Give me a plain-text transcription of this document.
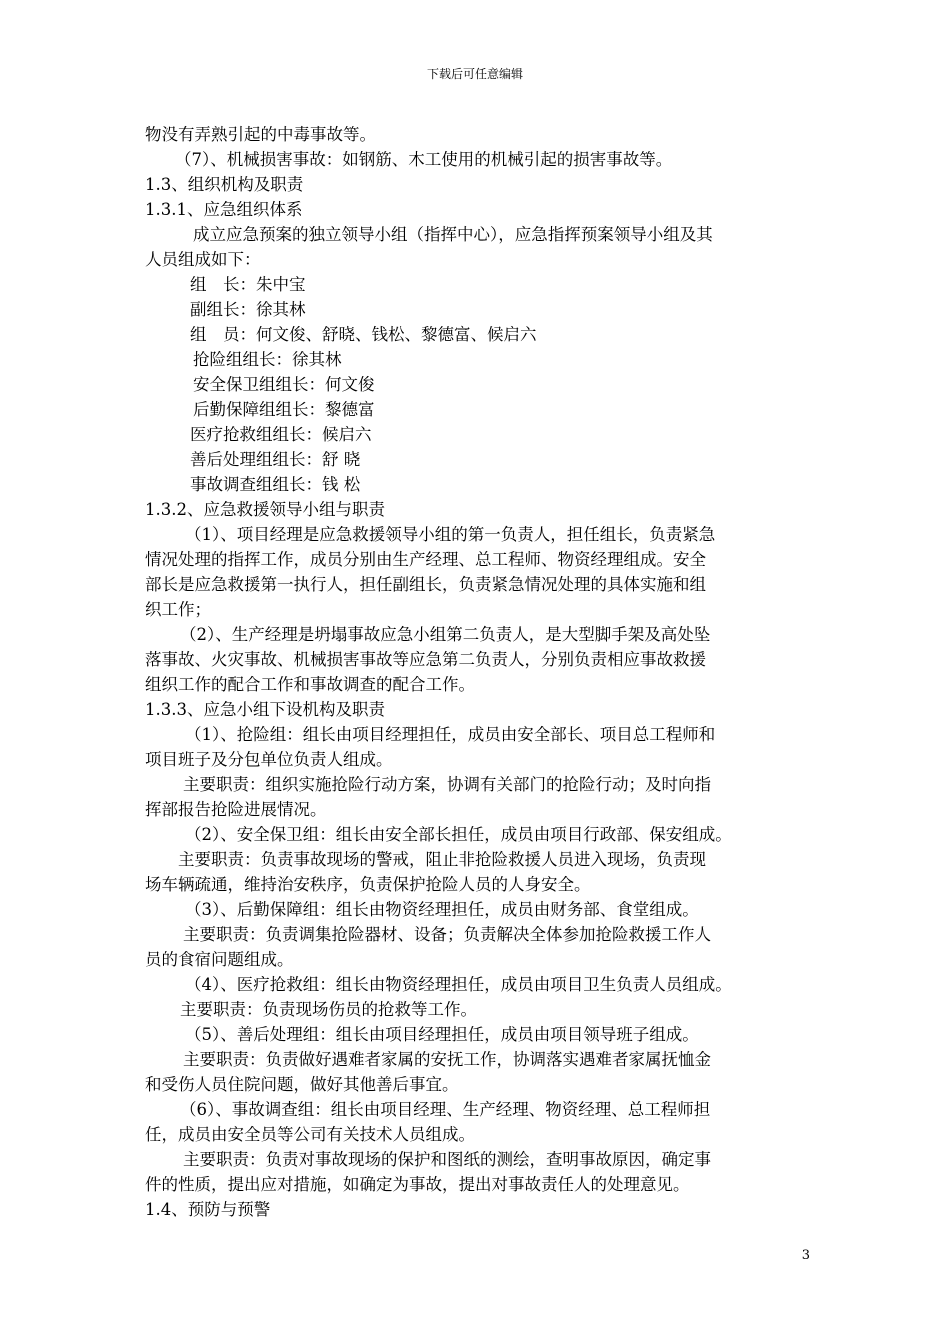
下载后可任意编辑
物没有弄熟引起的中毒事故等。
（7）、机械损害事故：如钢筋、木工使用的机械引起的损害事故等。
1.3、组织机构及职责
1.3.1、应急组织体系
成立应急预案的独立领导小组（指挥中心），应急指挥预案领导小组及其
人员组成如下：
组　长：朱中宝
副组长：徐其林
组　员：何文俊、舒晓、钱松、黎德富、候启六
抢险组组长：徐其林
安全保卫组组长：何文俊
后勤保障组组长：黎德富
医疗抢救组组长：候启六
善后处理组组长：舒 晓
事故调查组组长：钱 松
1.3.2、应急救援领导小组与职责
（1）、项目经理是应急救援领导小组的第一负责人，担任组长，负责紧急
情况处理的指挥工作，成员分别由生产经理、总工程师、物资经理组成。安全
部长是应急救援第一执行人，担任副组长，负责紧急情况处理的具体实施和组
织工作；
（2）、生产经理是坍塌事故应急小组第二负责人，是大型脚手架及高处坠
落事故、火灾事故、机械损害事故等应急第二负责人，分别负责相应事故救援
组织工作的配合工作和事故调查的配合工作。
1.3.3、应急小组下设机构及职责
（1）、抢险组：组长由项目经理担任，成员由安全部长、项目总工程师和
项目班子及分包单位负责人组成。
主要职责：组织实施抢险行动方案，协调有关部门的抢险行动；及时向指
挥部报告抢险进展情况。
（2）、安全保卫组：组长由安全部长担任，成员由项目行政部、保安组成。
主要职责：负责事故现场的警戒，阻止非抢险救援人员进入现场，负责现
场车辆疏通，维持治安秩序，负责保护抢险人员的人身安全。
（3）、后勤保障组：组长由物资经理担任，成员由财务部、食堂组成。
主要职责：负责调集抢险器材、设备；负责解决全体参加抢险救援工作人
员的食宿问题组成。
（4）、医疗抢救组：组长由物资经理担任，成员由项目卫生负责人员组成。
主要职责：负责现场伤员的抢救等工作。
（5）、善后处理组：组长由项目经理担任，成员由项目领导班子组成。
主要职责：负责做好遇难者家属的安抚工作，协调落实遇难者家属抚恤金
和受伤人员住院问题，做好其他善后事宜。
（6）、事故调查组：组长由项目经理、生产经理、物资经理、总工程师担
任，成员由安全员等公司有关技术人员组成。
主要职责：负责对事故现场的保护和图纸的测绘，查明事故原因，确定事
件的性质，提出应对措施，如确定为事故，提出对事故责任人的处理意见。
1.4、预防与预警
3
